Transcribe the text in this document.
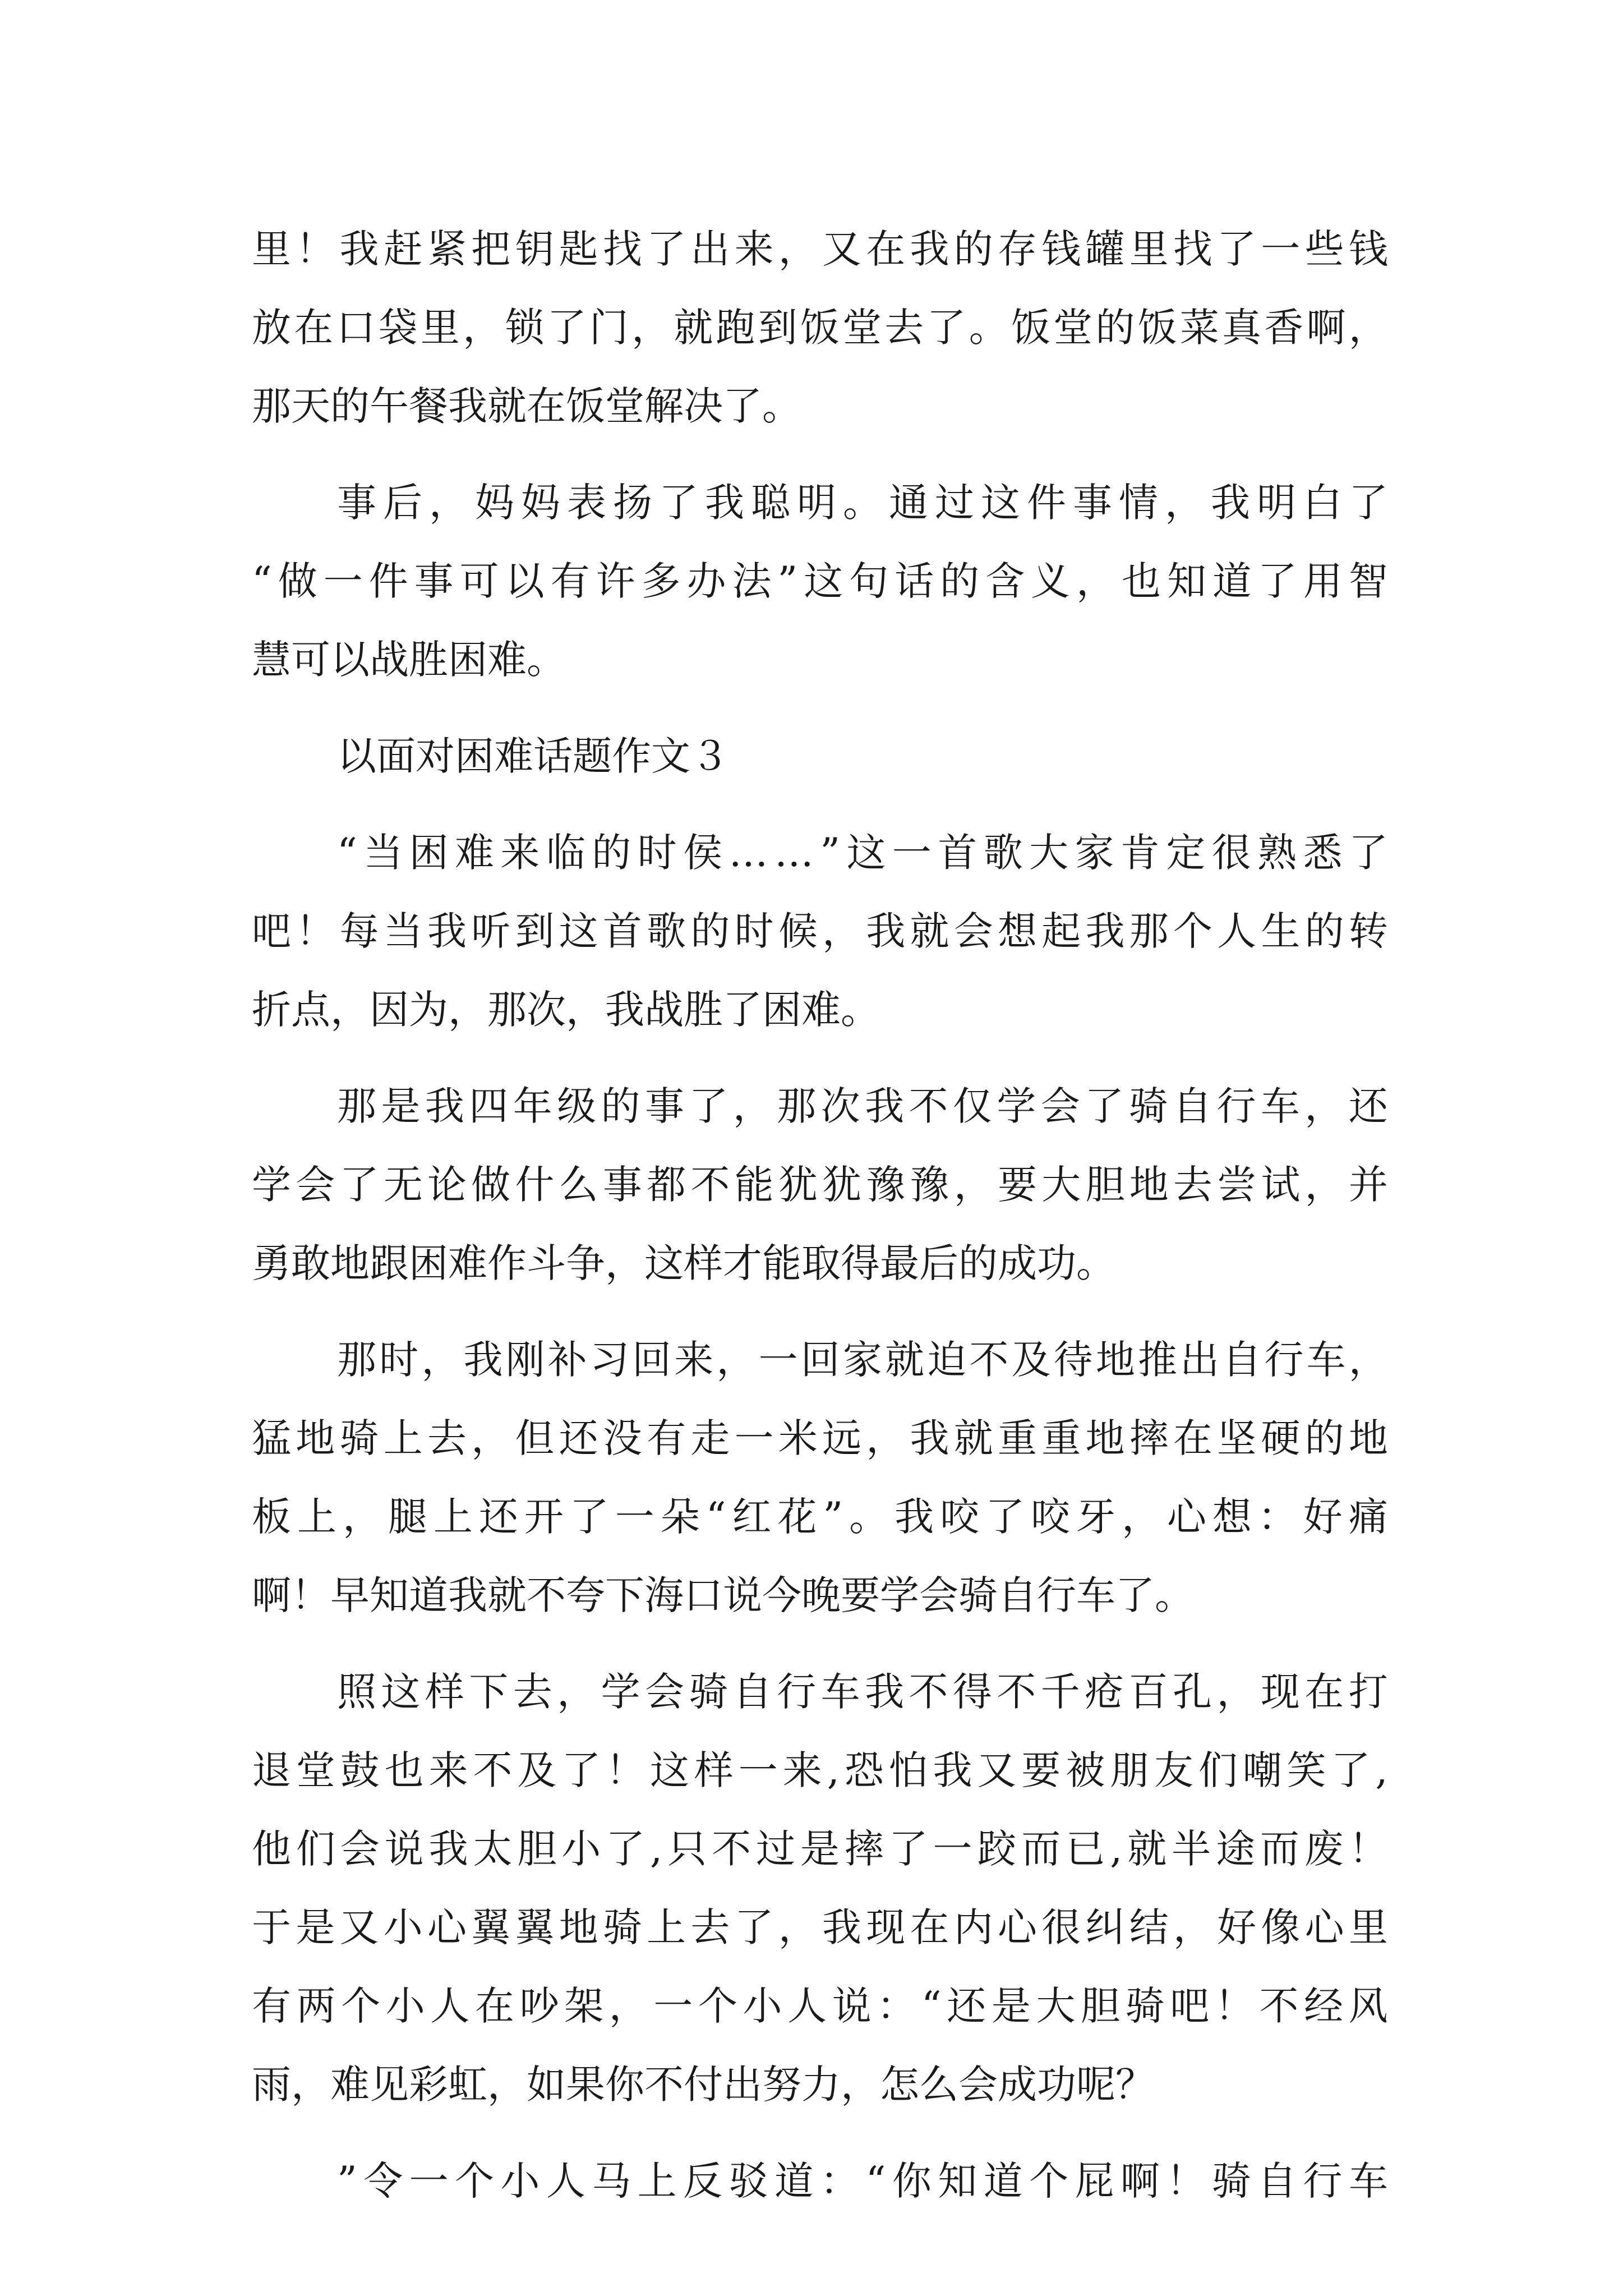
里 ！ 我 赶 紧 把 钥 匙 找 了 出 来 ， 又 在 我 的 存 钱 罐 里 找 了 一 些 钱
放 在 口 袋 里 ， 锁 了 门 ， 就 跑 到 饭 堂 去 了 。 饭 堂 的 饭 菜 真 香 啊 ，
那天的午餐我就在饭堂解决了。
事 后 ， 妈 妈 表 扬 了 我 聪 明 。 通 过 这 件 事 情 ， 我 明 白 了
“ 做 一 件 事 可 以 有 许 多 办 法 ” 这 句 话 的 含 义 ， 也 知 道 了 用 智
慧可以战胜困难。
以面对困难话题作文３
“ 当 困 难 来 临 的 时 侯 … … ” 这 一 首 歌 大 家 肯 定 很 熟 悉 了
吧 ！ 每 当 我 听 到 这 首 歌 的 时 候 ， 我 就 会 想 起 我 那 个 人 生 的 转
折点，因为，那次，我战胜了困难。
那 是 我 四 年 级 的 事 了 ， 那 次 我 不 仅 学 会 了 骑 自 行 车 ， 还
学 会 了 无 论 做 什 么 事 都 不 能 犹 犹 豫 豫 ， 要 大 胆 地 去 尝 试 ， 并
勇敢地跟困难作斗争，这样才能取得最后的成功。
那 时 ， 我 刚 补 习 回 来 ， 一 回 家 就 迫 不 及 待 地 推 出 自 行 车 ，
猛 地 骑 上 去 ， 但 还 没 有 走 一 米 远 ， 我 就 重 重 地 摔 在 坚 硬 的 地
板 上 ， 腿 上 还 开 了 一 朵 “ 红 花 ” 。 我 咬 了 咬 牙 ， 心 想 ： 好 痛
啊！早知道我就不夸下海口说今晚要学会骑自行车了。
照 这 样 下 去 ， 学 会 骑 自 行 车 我 不 得 不 千 疮 百 孔 ， 现 在 打
退 堂 鼓 也 来 不 及 了 ！ 这 样 一 来 , 恐 怕 我 又 要 被 朋 友 们 嘲 笑 了 ,
他 们 会 说 我 太 胆 小 了 , 只 不 过 是 摔 了 一 跤 而 已 , 就 半 途 而 废 ！
于 是 又 小 心 翼 翼 地 骑 上 去 了 ， 我 现 在 内 心 很 纠 结 ， 好 像 心 里
有 两 个 小 人 在 吵 架 ， 一 个 小 人 说 ： “ 还 是 大 胆 骑 吧 ！ 不 经 风
雨，难见彩虹，如果你不付出努力，怎么会成功呢？
” 令 一 个 小 人 马 上 反 驳 道 ： “ 你 知 道 个 屁 啊 ！ 骑 自 行 车
